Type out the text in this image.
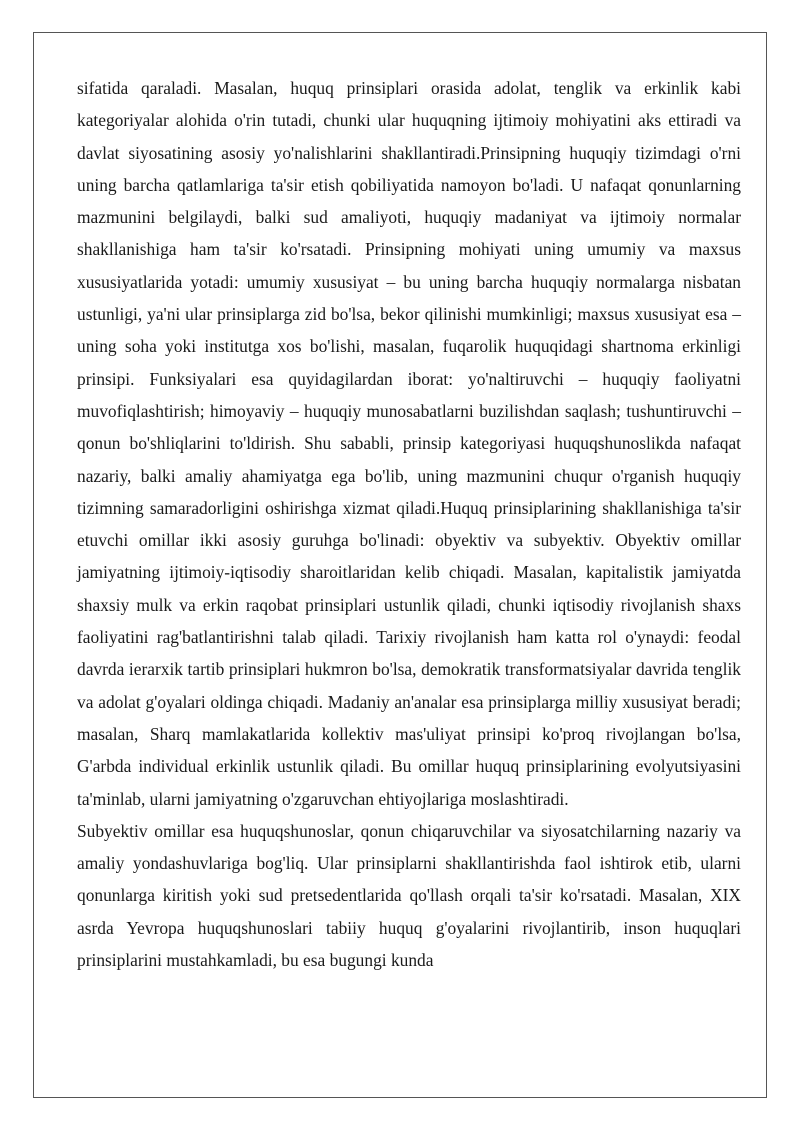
sifatida qaraladi. Masalan, huquq prinsiplari orasida adolat, tenglik va erkinlik kabi kategoriyalar alohida o'rin tutadi, chunki ular huquqning ijtimoiy mohiyatini aks ettiradi va davlat siyosatining asosiy yo'nalishlarini shakllantiradi.Prinsipning huquqiy tizimdagi o'rni uning barcha qatlamlariga ta'sir etish qobiliyatida namoyon bo'ladi. U nafaqat qonunlarning mazmunini belgilaydi, balki sud amaliyoti, huquqiy madaniyat va ijtimoiy normalar shakllanishiga ham ta'sir ko'rsatadi. Prinsipning mohiyati uning umumiy va maxsus xususiyatlarida yotadi: umumiy xususiyat – bu uning barcha huquqiy normalarga nisbatan ustunligi, ya'ni ular prinsiplarga zid bo'lsa, bekor qilinishi mumkinligi; maxsus xususiyat esa – uning soha yoki institutga xos bo'lishi, masalan, fuqarolik huquqidagi shartnoma erkinligi prinsipi. Funksiyalari esa quyidagilardan iborat: yo'naltiruvchi – huquqiy faoliyatni muvofiqlashtirish; himoyaviy – huquqiy munosabatlarni buzilishdan saqlash; tushuntiruvchi – qonun bo'shliqlarini to'ldirish. Shu sababli, prinsip kategoriyasi huquqshunoslikda nafaqat nazariy, balki amaliy ahamiyatga ega bo'lib, uning mazmunini chuqur o'rganish huquqiy tizimning samaradorligini oshirishga xizmat qiladi.Huquq prinsiplarining shakllanishiga ta'sir etuvchi omillar ikki asosiy guruhga bo'linadi: obyektiv va subyektiv. Obyektiv omillar jamiyatning ijtimoiy-iqtisodiy sharoitlaridan kelib chiqadi. Masalan, kapitalistik jamiyatda shaxsiy mulk va erkin raqobat prinsiplari ustunlik qiladi, chunki iqtisodiy rivojlanish shaxs faoliyatini rag'batlantirishni talab qiladi. Tarixiy rivojlanish ham katta rol o'ynaydi: feodal davrda ierarxik tartib prinsiplari hukmron bo'lsa, demokratik transformatsiyalar davrida tenglik va adolat g'oyalari oldinga chiqadi. Madaniy an'analar esa prinsiplarga milliy xususiyat beradi; masalan, Sharq mamlakatlarida kollektiv mas'uliyat prinsipi ko'proq rivojlangan bo'lsa, G'arbda individual erkinlik ustunlik qiladi. Bu omillar huquq prinsiplarining evolyutsiyasini ta'minlab, ularni jamiyatning o'zgaruvchan ehtiyojlariga moslashtiradi.

Subyektiv omillar esa huquqshunoslar, qonun chiqaruvchilar va siyosatchilarning nazariy va amaliy yondashuvlariga bog'liq. Ular prinsiplarni shakllantirishda faol ishtirok etib, ularni qonunlarga kiritish yoki sud pretsedentlarida qo'llash orqali ta'sir ko'rsatadi. Masalan, XIX asrda Yevropa huquqshunoslari tabiiy huquq g'oyalarini rivojlantirib, inson huquqlari prinsiplarini mustahkamladi, bu esa bugungi kunda
